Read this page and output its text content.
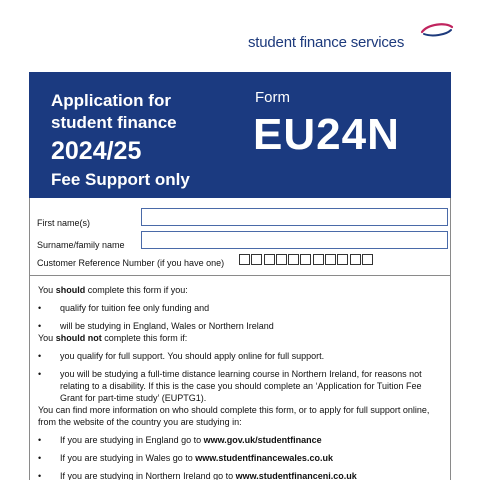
student finance services
Application for
student finance
2024/25
Fee Support only
Form
EU24N
First name(s)
Surname/family name
Customer Reference Number (if you have one)

You should complete this form if you:

• qualify for tuition fee only funding and
• will be studying in England, Wales or Northern Ireland

You should not complete this form if:

• you qualify for full support. You should apply online for full support.
• you will be studying a full-time distance learning course in Northern Ireland, for reasons not relating to a disability. If this is the case you should complete an ‘Application for Tuition Fee Grant for part-time study’ (EUPTG1).

You can find more information on who should complete this form, or to apply for full support online, from the website of the country you are studying in:

• If you are studying in England go to www.gov.uk/studentfinance
• If you are studying in Wales go to www.studentfinancewales.co.uk
• If you are studying in Northern Ireland go to www.studentfinanceni.co.uk
